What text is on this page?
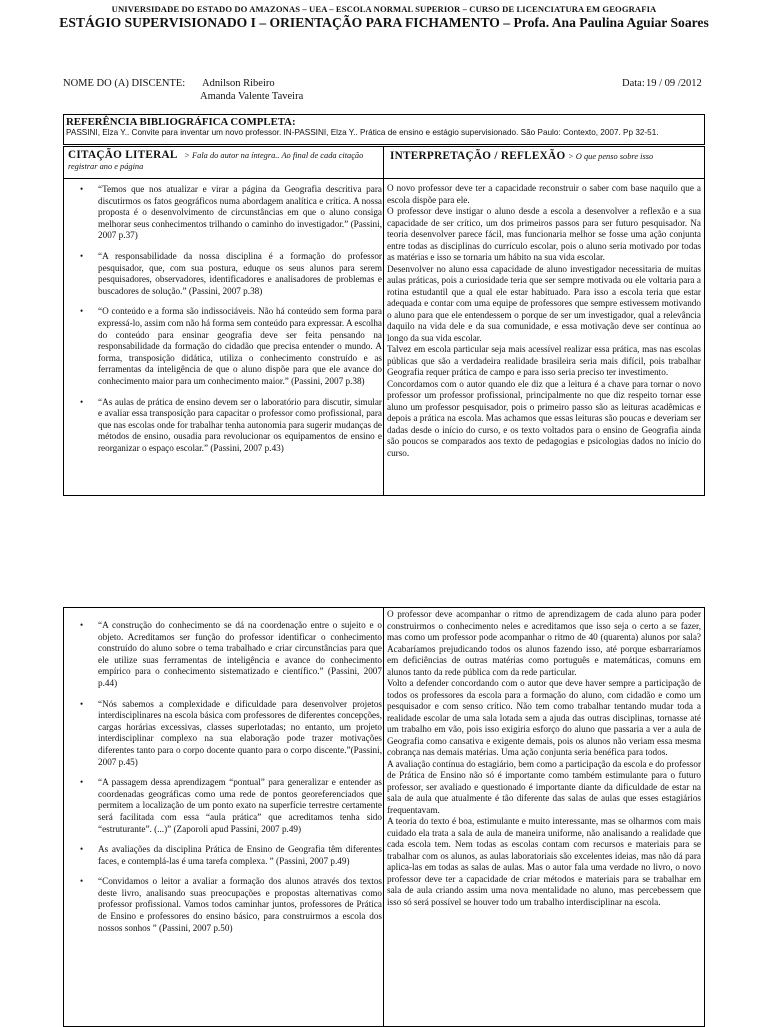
UNIVERSIDADE DO ESTADO DO AMAZONAS – UEA – ESCOLA NORMAL SUPERIOR – CURSO DE LICENCIATURA EM GEOGRAFIA
ESTÁGIO SUPERVISIONADO I – ORIENTAÇÃO PARA FICHAMENTO – Profa. Ana Paulina Aguiar Soares
NOME DO (A) DISCENTE: Adnilson Ribeiro
Amanda Valente Taveira
Data: 19 / 09 /2012
REFERÊNCIA BIBLIOGRÁFICA COMPLETA:
PASSINI, Elza Y.. Convite para inventar um novo professor. IN-PASSINI, Elza Y.. Prática de ensino e estágio supervisionado. São Paulo: Contexto, 2007. Pp 32-51.
CITAÇÃO LITERAL > Fala do autor na íntegra.. Ao final de cada citação registrar ano e página
INTERPRETAÇÃO / REFLEXÃO > O que penso sobre isso
• “Temos que nos atualizar e virar a página da Geografia descritiva para discutirmos os fatos geográficos numa abordagem analítica e crítica. A nossa proposta é o desenvolvimento de circunstâncias em que o aluno consiga melhorar seus conhecimentos trilhando o caminho do investigador.” (Passini, 2007 p.37)
• “A responsabilidade da nossa disciplina é a formação do professor pesquisador, que, com sua postura, eduque os seus alunos para serem pesquisadores, observadores, identificadores e analisadores de problemas e buscadores de solução.” (Passini, 2007 p.38)
• “O conteúdo e a forma são indissociáveis. Não há conteúdo sem forma para expressá-lo, assim com não há forma sem conteúdo para expressar. A escolha do conteúdo para ensinar geografia deve ser feita pensando na responsabilidade da formação do cidadão que precisa entender o mundo. A forma, transposição didática, utiliza o conhecimento construído e as ferramentas da inteligência de que o aluno dispõe para que ele avance do conhecimento maior para um conhecimento maior.” (Passini, 2007 p.38)
• “As aulas de prática de ensino devem ser o laboratório para discutir, simular e avaliar essa transposição para capacitar o professor como profissional, para que nas escolas onde for trabalhar tenha autonomia para sugerir mudanças de métodos de ensino, ousadia para revolucionar os equipamentos de ensino e reorganizar o espaço escolar.” (Passini, 2007 p.43)
O novo professor deve ter a capacidade reconstruir o saber com base naquilo que a escola dispõe para ele.
O professor deve instigar o aluno desde a escola a desenvolver a reflexão e a sua capacidade de ser crítico, um dos primeiros passos para ser futuro pesquisador. Na teoria desenvolver parece fácil, mas funcionaria melhor se fosse uma ação conjunta entre todas as disciplinas do currículo escolar, pois o aluno seria motivado por todas as matérias e isso se tornaria um hábito na sua vida escolar.
Desenvolver no aluno essa capacidade de aluno investigador necessitaria de muitas aulas práticas, pois a curiosidade teria que ser sempre motivada ou ele voltaria para a rotina estudantil que a qual ele estar habituado. Para isso a escola teria que estar adequada e contar com uma equipe de professores que sempre estivessem motivando o aluno para que ele entendessem o porque de ser um investigador, qual a relevância daquilo na vida dele e da sua comunidade, e essa motivação deve ser contínua ao longo da sua vida escolar.
Talvez em escola particular seja mais acessível realizar essa prática, mas nas escolas públicas que são a verdadeira realidade brasileira seria mais difícil, pois trabalhar Geografia requer prática de campo e para isso seria preciso ter investimento.
Concordamos com o autor quando ele diz que a leitura é a chave para tornar o novo professor um professor profissional, principalmente no que diz respeito tornar esse aluno um professor pesquisador, pois o primeiro passo são as leituras acadêmicas e depois a prática na escola. Mas achamos que essas leituras são poucas e deveriam ser dadas desde o início do curso, e os texto voltados para o ensino de Geografia ainda são poucos se comparados aos texto de pedagogias e psicologias dados no início do curso.
• “A construção do conhecimento se dá na coordenação entre o sujeito e o objeto. Acreditamos ser função do professor identificar o conhecimento construído do aluno sobre o tema trabalhado e criar circunstâncias para que ele utilize suas ferramentas de inteligência e avance do conhecimento empírico para o conhecimento sistematizado e científico.” (Passini, 2007 p.44)
• “Nós sabemos a complexidade e dificuldade para desenvolver projetos interdisciplinares na escola básica com professores de diferentes concepções, cargas horárias excessivas, classes superlotadas; no entanto, um projeto interdisciplinar complexo na sua elaboração pode trazer motivações diferentes tanto para o corpo docente quanto para o corpo discente.”(Passini, 2007 p.45)
• “A passagem dessa aprendizagem “pontual” para generalizar e entender as coordenadas geográficas como uma rede de pontos georeferenciados que permitem a localização de um ponto exato na superfície terrestre certamente será facilitada com essa “aula prática” que acreditamos tenha sido “estruturante”. (...)” (Zaporoli apud Passini, 2007 p.49)
• As avaliações da disciplina Prática de Ensino de Geografia têm diferentes faces, e contemplá-las é uma tarefa complexa. ” (Passini, 2007 p.49)
• “Convidamos o leitor a avaliar a formação dos alunos através dos textos deste livro, analisando suas preocupações e propostas alternativas como professor profissional. Vamos todos caminhar juntos, professores de Prática de Ensino e professores do ensino básico, para construirmos a escola dos nossos sonhos ” (Passini, 2007 p.50)
O professor deve acompanhar o ritmo de aprendizagem de cada aluno para poder construirmos o conhecimento neles e acreditamos que isso seja o certo a se fazer, mas como um professor pode acompanhar o ritmo de 40 (quarenta) alunos por sala? Acabaríamos prejudicando todos os alunos fazendo isso, até porque esbarraríamos em deficiências de outras matérias como português e matemáticas, comuns em alunos tanto da rede pública com da rede particular.
Volto a defender concordando com o autor que deve haver sempre a participação de todos os professores da escola para a formação do aluno, com cidadão e como um pesquisador e com senso crítico. Não tem como trabalhar tentando mudar toda a realidade escolar de uma sala lotada sem a ajuda das outras disciplinas, tornasse até um trabalho em vão, pois isso exigiria esforço do aluno que passaria a ver a aula de Geografia como cansativa e exigente demais, pois os alunos não veriam essa mesma cobrança nas demais matérias. Uma ação conjunta seria benéfica para todos.
A avaliação contínua do estagiário, bem como a participação da escola e do professor de Prática de Ensino não só é importante como também estimulante para o futuro professor, ser avaliado e questionado é importante diante da dificuldade de estar na sala de aula que atualmente é tão diferente das salas de aulas que esses estagiários frequentavam.
A teoria do texto é boa, estimulante e muito interessante, mas se olharmos com mais cuidado ela trata a sala de aula de maneira uniforme, não analisando a realidade que cada escola tem. Nem todas as escolas contam com recursos e materiais para se trabalhar com os alunos, as aulas laboratoriais são excelentes ideias, mas não dá para aplica-las em todas as salas de aulas. Mas o autor fala uma verdade no livro, o novo professor deve ter a capacidade de criar métodos e materiais para se trabalhar em sala de aula criando assim uma nova mentalidade no aluno, mas percebessem que isso só será possível se houver todo um trabalho interdisciplinar na escola.
